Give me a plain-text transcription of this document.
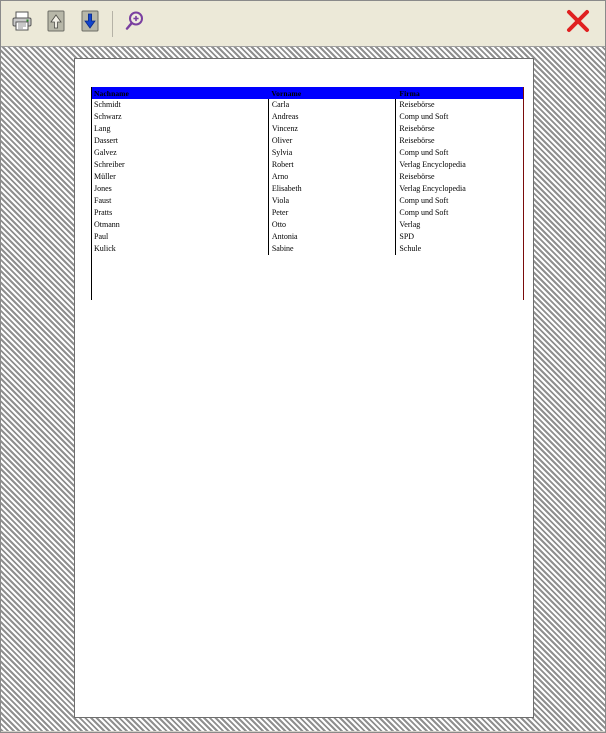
Nachname	Vorname	Firma
Schmidt	Carla	Reisebörse
Schwarz	Andreas	Comp und Soft
Lang	Vincenz	Reisebörse
Dassert	Oliver	Reisebörse
Galvez	Sylvia	Comp und Soft
Schreiber	Robert	Verlag Encyclopedia
Müller	Arno	Reisebörse
Jones	Elisabeth	Verlag Encyclopedia
Faust	Viola	Comp und Soft
Pratts	Peter	Comp und Soft
Otmann	Otto	Verlag
Paul	Antonia	SPD
Kulick	Sabine	Schule
